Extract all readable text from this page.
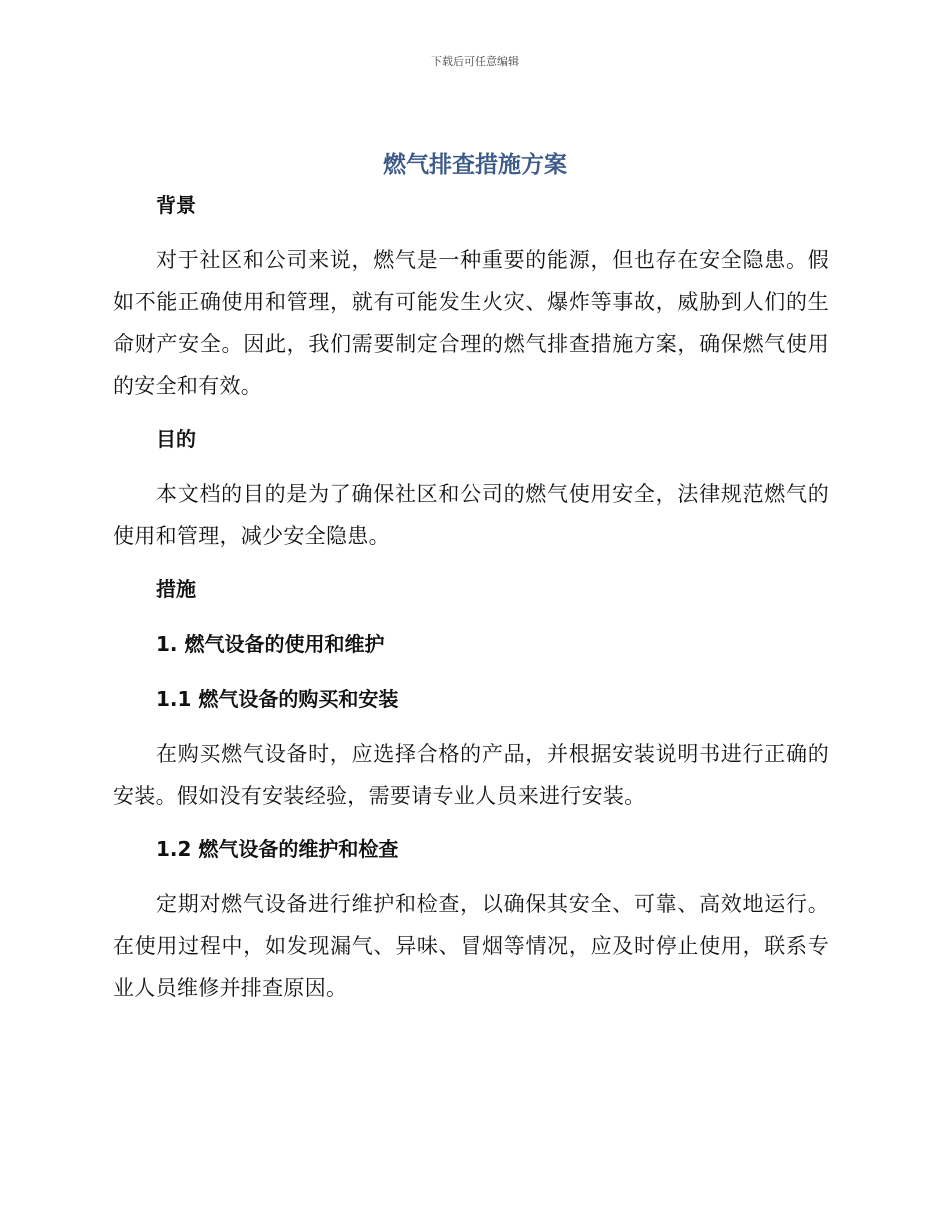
下载后可任意编辑
燃气排查措施方案

背景

对于社区和公司来说，燃气是一种重要的能源，但也存在安全隐患。假如不能正确使用和管理，就有可能发生火灾、爆炸等事故，威胁到人们的生命财产安全。因此，我们需要制定合理的燃气排查措施方案，确保燃气使用的安全和有效。

目的

本文档的目的是为了确保社区和公司的燃气使用安全，法律规范燃气的使用和管理，减少安全隐患。

措施

1. 燃气设备的使用和维护

1.1 燃气设备的购买和安装

在购买燃气设备时，应选择合格的产品，并根据安装说明书进行正确的安装。假如没有安装经验，需要请专业人员来进行安装。

1.2 燃气设备的维护和检查

定期对燃气设备进行维护和检查，以确保其安全、可靠、高效地运行。在使用过程中，如发现漏气、异味、冒烟等情况，应及时停止使用，联系专业人员维修并排查原因。
